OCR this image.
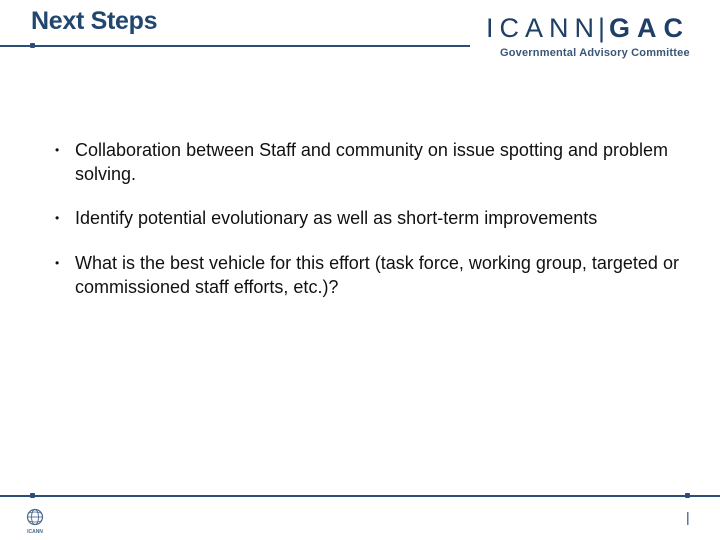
Next Steps	ICANN| GAC
Governmental Advisory Committee
• Collaboration between Staff and community on issue spotting and problem solving.
• Identify potential evolutionary as well as short-term improvements
• What is the best vehicle for this effort (task force, working group, targeted or commissioned staff efforts, etc.)?
ICANN
|
